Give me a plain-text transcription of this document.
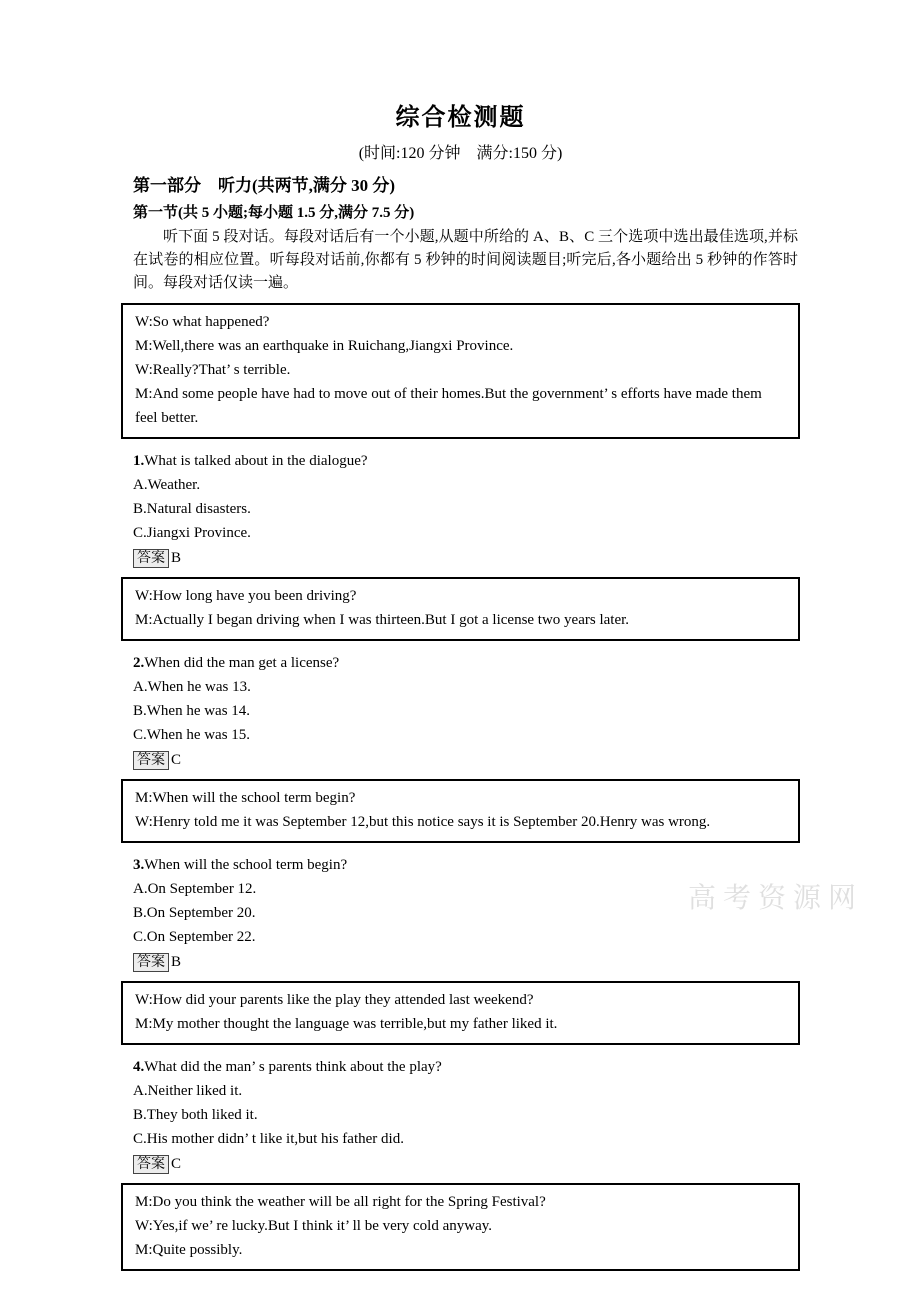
综合检测题
(时间:120 分钟　满分:150 分)
第一部分　听力(共两节,满分 30 分)
第一节(共 5 小题;每小题 1.5 分,满分 7.5 分)

听下面 5 段对话。每段对话后有一个小题,从题中所给的 A、B、C 三个选项中选出最佳选项,并标在试卷的相应位置。听每段对话前,你都有 5 秒钟的时间阅读题目;听完后,各小题给出 5 秒钟的作答时间。每段对话仅读一遍。

W:So what happened?

M:Well,there was an earthquake in Ruichang,Jiangxi Province.

W:Really?That’ s terrible.

M:And some people have had to move out of their homes.But the government’ s efforts have made them feel better.

1.What is talked about in the dialogue?

A.Weather.

B.Natural disasters.

C.Jiangxi Province.

答案 B

W:How long have you been driving?

M:Actually I began driving when I was thirteen.But I got a license two years later.

2.When did the man get a license?

A.When he was 13.

B.When he was 14.

C.When he was 15.

答案 C

M:When will the school term begin?

W:Henry told me it was September 12,but this notice says it is September 20.Henry was wrong.

3.When will the school term begin?

A.On September 12.

B.On September 20.

C.On September 22.

答案 B

W:How did your parents like the play they attended last weekend?

M:My mother thought the language was terrible,but my father liked it.

4.What did the man’ s parents think about the play?

A.Neither liked it.

B.They both liked it.

C.His mother didn’ t like it,but his father did.

答案 C

M:Do you think the weather will be all right for the Spring Festival?

W:Yes,if we’ re lucky.But I think it’ ll be very cold anyway.

M:Quite possibly.

高考资源网
